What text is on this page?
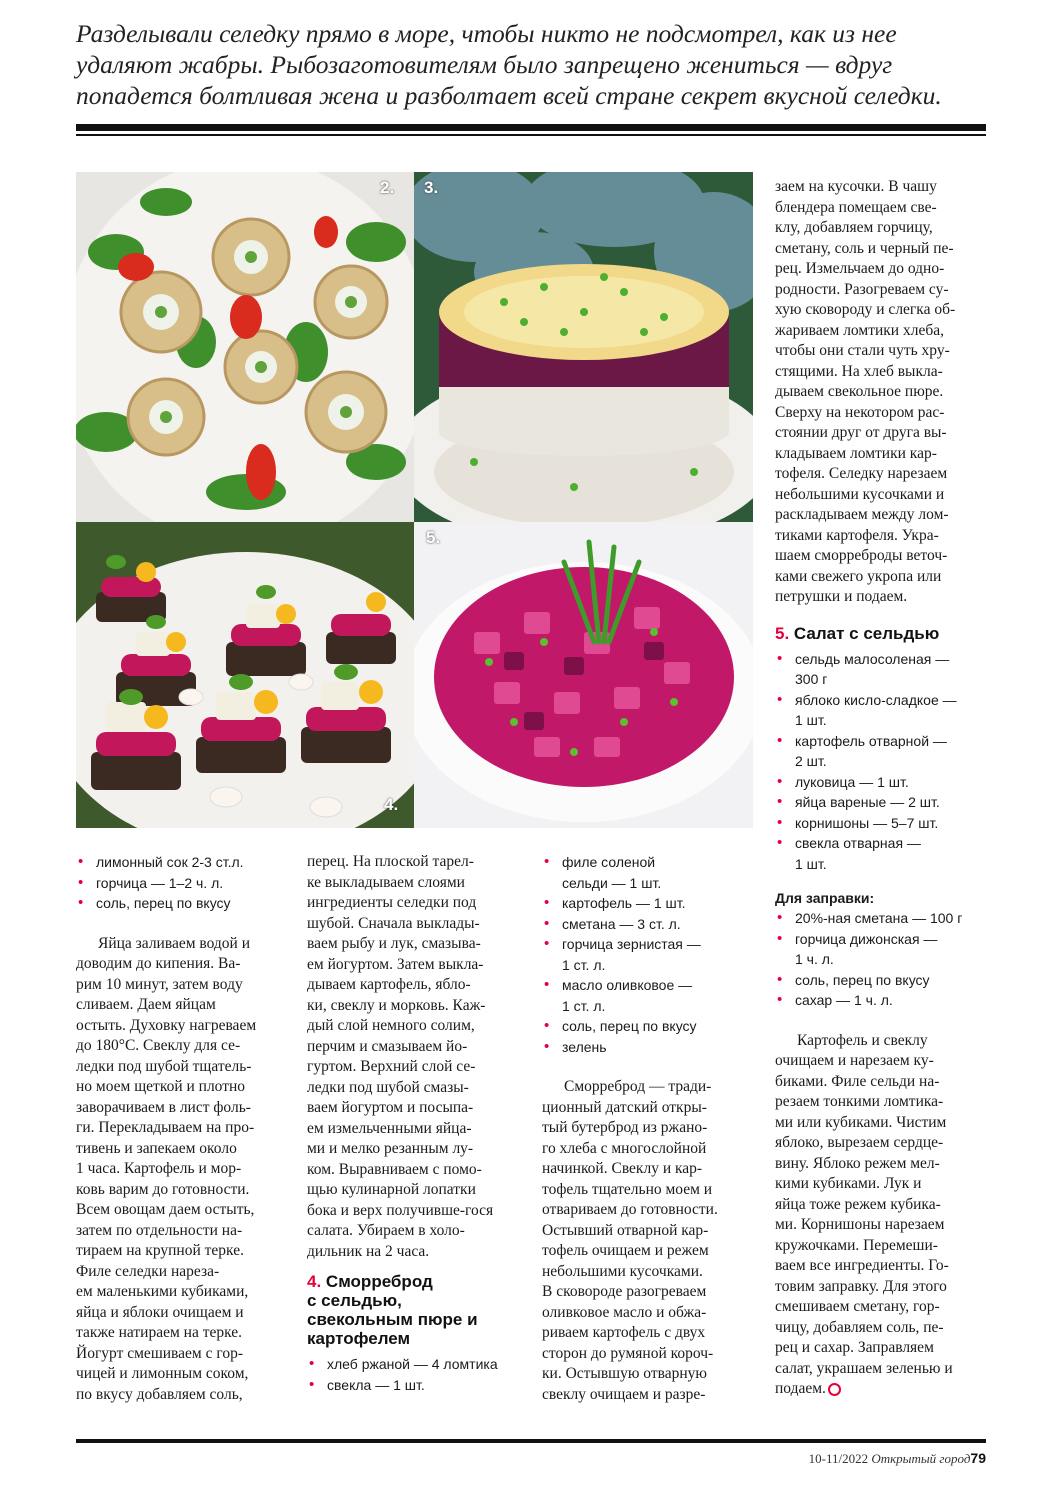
Разделывали селедку прямо в море, чтобы никто не подсмотрел, как из нее

удаляют жабры. Рыбозаготовителям было запрещено жениться — вдруг

попадется болтливая жена и разболтает всей стране секрет вкусной селедки.

2. 3.
4.
5.
• лимонный сок 2-3 ст.л.
• горчица — 1–2 ч. л.
• соль, перец по вкусу
Яйца заливаем водой и
доводим до кипения. Ва-
рим 10 минут, затем воду
сливаем. Даем яйцам
остыть. Духовку нагреваем
до 180°C. Свеклу для се-
ледки под шубой тщатель-
но моем щеткой и плотно
заворачиваем в лист фоль-
ги. Перекладываем на про-
тивень и запекаем около
1 часа. Картофель и мор-
ковь варим до готовности.
Всем овощам даем остыть,
затем по отдельности на-
тираем на крупной терке.
Филе селедки нареза-
ем маленькими кубиками,
яйца и яблоки очищаем и
также натираем на терке.
Йогурт смешиваем с гор-
чицей и лимонным соком,
по вкусу добавляем соль,
перец. На плоской тарел-
ке выкладываем слоями
ингредиенты селедки под
шубой. Сначала выклады-
ваем рыбу и лук, смазыва-
ем йогуртом. Затем выкла-
дываем картофель, ябло-
ки, свеклу и морковь. Каж-
дый слой немного солим,
перчим и смазываем йо-
гуртом. Верхний слой се-
ледки под шубой смазы-
ваем йогуртом и посыпа-
ем измельченными яйца-
ми и мелко резанным лу-
ком. Выравниваем с помо-
щью кулинарной лопатки
бока и верх получивше-гося
салата. Убираем в холо-
дильник на 2 часа.
4. Сморреброд
с сельдью,
свекольным пюре и
картофелем
• хлеб ржаной — 4 ломтика
• свекла — 1 шт.
• филе соленой
сельди — 1 шт.
• картофель — 1 шт.
• сметана — 3 ст. л.
• горчица зернистая —
1 ст. л.
• масло оливковое —
1 ст. л.
• соль, перец по вкусу
• зелень
Сморреброд — тради-
ционный датский откры-
тый бутерброд из ржано-
го хлеба с многослойной
начинкой. Свеклу и кар-
тофель тщательно моем и
отвариваем до готовности.
Остывший отварной кар-
тофель очищаем и режем
небольшими кусочками.
В сковороде разогреваем
оливковое масло и обжа-
риваем картофель с двух
сторон до румяной короч-
ки. Остывшую отварную
свеклу очищаем и разре-
заем на кусочки. В чашу
блендера помещаем све-
клу, добавляем горчицу,
сметану, соль и черный пе-
рец. Измельчаем до одно-
родности. Разогреваем су-
хую сковороду и слегка об-
жариваем ломтики хлеба,
чтобы они стали чуть хру-
стящими. На хлеб выкла-
дываем свекольное пюре.
Сверху на некотором рас-
стоянии друг от друга вы-
кладываем ломтики кар-
тофеля. Селедку нарезаем
небольшими кусочками и
раскладываем между лом-
тиками картофеля. Укра-
шаем сморреброды веточ-
ками свежего укропа или
петрушки и подаем.
5. Салат с сельдью
• сельдь малосоленая —
300 г
• яблоко кисло-сладкое —
1 шт.
• картофель отварной —
2 шт.
• луковица — 1 шт.
• яйца вареные — 2 шт.
• корнишоны — 5–7 шт.
• свекла отварная —
1 шт.
Для заправки:
• 20%-ная сметана — 100 г
• горчица дижонская —
1 ч. л.
• соль, перец по вкусу
• сахар — 1 ч. л.
Картофель и свеклу
очищаем и нарезаем ку-
биками. Филе сельди на-
резаем тонкими ломтика-
ми или кубиками. Чистим
яблоко, вырезаем сердце-
вину. Яблоко режем мел-
кими кубиками. Лук и
яйца тоже режем кубика-
ми. Корнишоны нарезаем
кружочками. Перемеши-
ваем все ингредиенты. Го-
товим заправку. Для этого
смешиваем сметану, гор-
чицу, добавляем соль, пе-
рец и сахар. Заправляем
салат, украшаем зеленью и
подаем.
10-11/2022 Открытый город79
